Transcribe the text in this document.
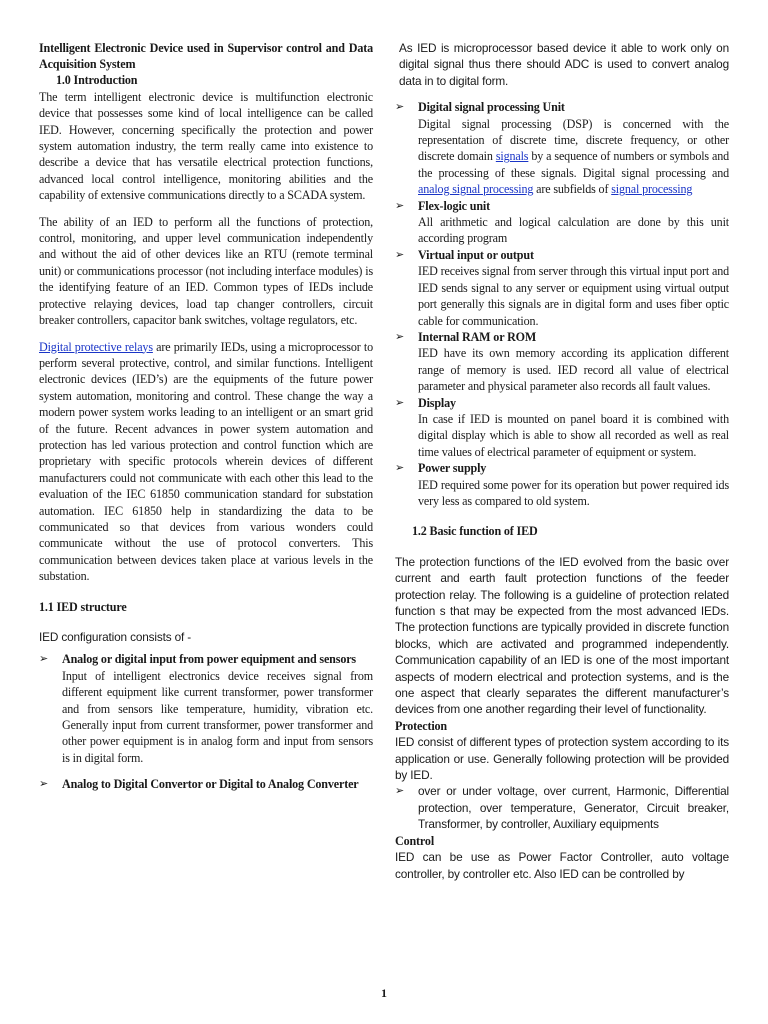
Intelligent Electronic Device used in Supervisor control and Data Acquisition System

1.0 Introduction

The term intelligent electronic device is multifunction electronic device that possesses some kind of local intelligence can be called IED. However, concerning specifically the protection and power system automation industry, the term really came into existence to describe a device that has versatile electrical protection functions, advanced local control intelligence, monitoring abilities and the capability of extensive communications directly to a SCADA system.

The ability of an IED to perform all the functions of protection, control, monitoring, and upper level communication independently and without the aid of other devices like an RTU (remote terminal unit) or communications processor (not including interface modules) is the identifying feature of an IED. Common types of IEDs include protective relaying devices, load tap changer controllers, circuit breaker controllers, capacitor bank switches, voltage regulators, etc.

Digital protective relays are primarily IEDs, using a microprocessor to perform several protective, control, and similar functions. Intelligent electronic devices (IED’s) are the equipments of the future power system automation, monitoring and control. These change the way a modern power system works leading to an intelligent or an smart grid of the future. Recent advances in power system automation and protection has led various protection and control function which are proprietary with specific protocols wherein devices of different manufacturers could not communicate with each other this lead to the evaluation of the IEC 61850 communication standard for substation automation. IEC 61850 help in standardizing the data to be communicated so that devices from various wonders could communicate without the use of protocol converters. This communication between devices taken place at various levels in the substation.

1.1 IED structure

IED configuration consists of -

➢	Analog or digital input from power equipment and sensors

Input of intelligent electronics device receives signal from different equipment like current transformer, power transformer and from sensors like temperature, humidity, vibration etc. Generally input from current transformer, power transformer and other power equipment is in analog form and input from sensors is in digital form.

➢	Analog to Digital Convertor or Digital to Analog Converter

As IED is microprocessor based device it able to work only on digital signal thus there should ADC is used to convert analog data in to digital form.

➢	Digital signal processing Unit

Digital signal processing (DSP) is concerned with the representation of discrete time, discrete frequency, or other discrete domain signals by a sequence of numbers or symbols and the processing of these signals. Digital signal processing and analog signal processing are subfields of signal processing

➢	Flex-logic unit

All arithmetic and logical calculation are done by this unit according program

➢	Virtual input or output

IED receives signal from server through this virtual input port and IED sends signal to any server or equipment using virtual output port generally this signals are in digital form and uses fiber optic cable for communication.

➢	Internal RAM or ROM

IED have its own memory according its application different range of memory is used. IED record all value of electrical parameter and physical parameter also records all fault values.

➢	Display

In case if IED is mounted on panel board it is combined with digital display which is able to show all recorded as well as real time values of electrical parameter of equipment or system.

➢	Power supply

IED required some power for its operation but power required ids very less as compared to old system.

1.2 Basic function of IED

The protection functions of the IED evolved from the basic over current and earth fault protection functions of the feeder protection relay. The following is a guideline of protection related function s that may be expected from the most advanced IEDs. The protection functions are typically provided in discrete function blocks, which are activated and programmed independently. Communication capability of an IED is one of the most important aspects of modern electrical and protection systems, and is the one aspect that clearly separates the different manufacturer’s devices from one another regarding their level of functionality.

Protection

IED consist of different types of protection system according to its application or use. Generally following protection will be provided by IED.

➢	over or under voltage, over current, Harmonic, Differential protection, over temperature, Generator, Circuit breaker, Transformer, by controller, Auxiliary equipments

Control

IED can be use as Power Factor Controller, auto voltage controller, by controller etc. Also IED can be controlled by

1
